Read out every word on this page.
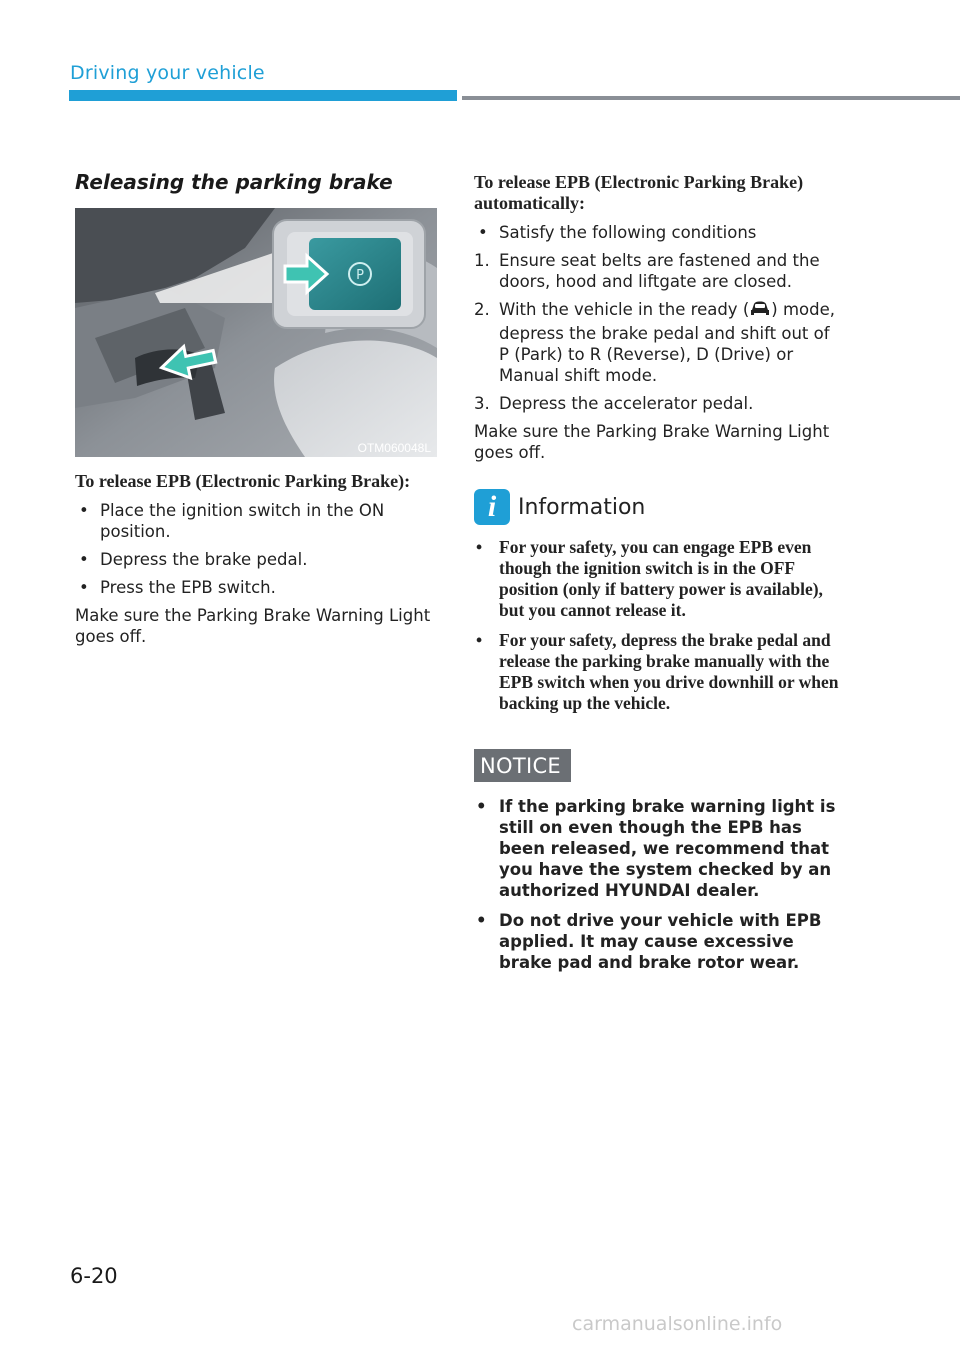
Driving your vehicle
Releasing the parking brake
P
OTM060048L
To release EPB (Electronic Parking Brake):
• Place the ignition switch in the ON position.
• Depress the brake pedal.
• Press the EPB switch.

Make sure the Parking Brake Warning Light goes off.

To release EPB (Electronic Parking Brake) automatically:
• Satisfy the following conditions
1. Ensure seat belts are fastened and the doors, hood and liftgate are closed.
2. With the vehicle in the ready ( ) mode, depress the brake pedal and shift out of P (Park) to R (Reverse), D (Drive) or Manual shift mode.
3. Depress the accelerator pedal.

Make sure the Parking Brake Warning Light goes off.

i Information
• For your safety, you can engage EPB even though the ignition switch is in the OFF position (only if battery power is available), but you cannot release it.
• For your safety, depress the brake pedal and release the parking brake manually with the EPB switch when you drive downhill or when backing up the vehicle.
NOTICE
• If the parking brake warning light is still on even though the EPB has been released, we recommend that you have the system checked by an authorized HYUNDAI dealer.
• Do not drive your vehicle with EPB applied. It may cause excessive brake pad and brake rotor wear.
6-20
carmanualsonline.info
